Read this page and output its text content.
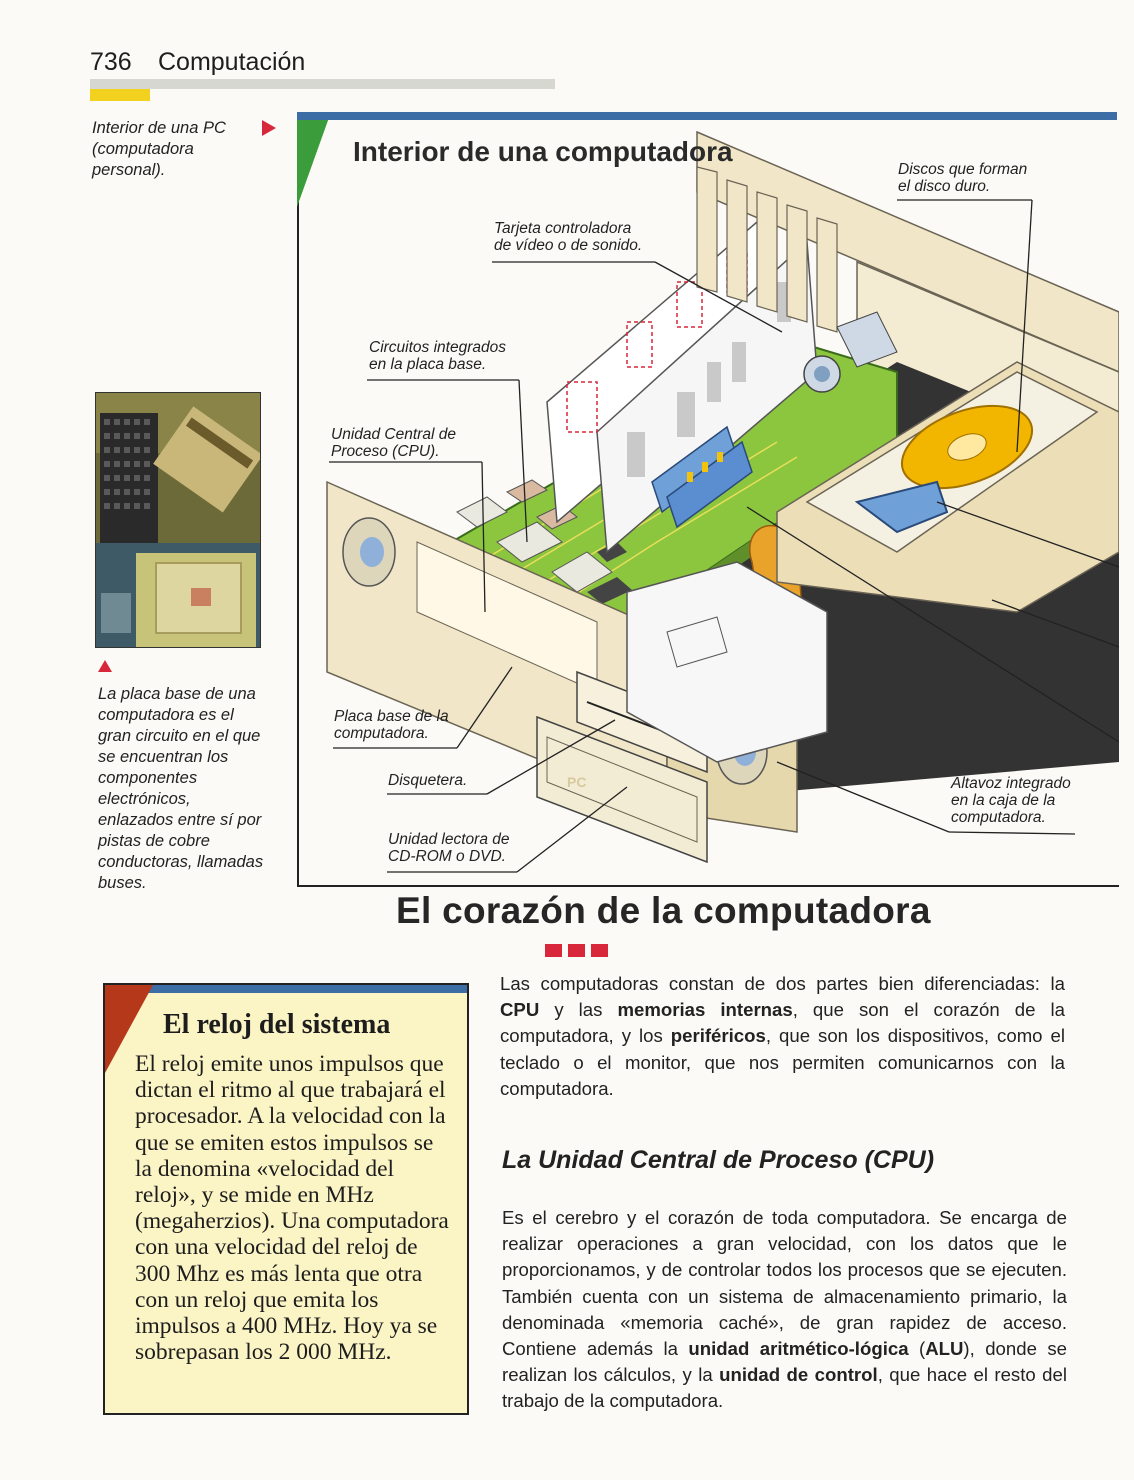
736 Computación
Interior de una PC (computadora personal).
La placa base de una computadora es el gran circuito en el que se encuentran los componentes electrónicos, enlazados entre sí por pistas de cobre conductoras, llamadas buses.
PC
Interior de una computadora
Tarjeta controladora
de vídeo o de sonido.
Discos que forman
el disco duro.
Circuitos integrados
en la placa base.
Unidad Central de
Proceso (CPU).
Placa base de la
computadora.
Disquetera.
Unidad lectora de
CD-ROM o DVD.
Altavoz integrado
en la caja de la
computadora.
El corazón de la computadora
El reloj del sistema
El reloj emite unos impulsos que dictan el ritmo al que trabajará el procesador. A la velocidad con la que se emiten estos impulsos se la denomina «velocidad del reloj», y se mide en MHz (megaherzios). Una computadora con una velocidad del reloj de 300 Mhz es más lenta que otra con un reloj que emita los impulsos a 400 MHz. Hoy ya se sobrepasan los 2 000 MHz.
Las computadoras constan de dos partes bien diferenciadas: la CPU y las memorias internas, que son el corazón de la computadora, y los periféricos, que son los dispositivos, como el teclado o el monitor, que nos permiten comunicarnos con la computadora.
La Unidad Central de Proceso (CPU)
Es el cerebro y el corazón de toda computadora. Se encarga de realizar operaciones a gran velocidad, con los datos que le proporcionamos, y de controlar todos los procesos que se ejecuten. También cuenta con un sistema de almacenamiento primario, la denominada «memoria caché», de gran rapidez de acceso. Contiene además la unidad aritmético-lógica (ALU), donde se realizan los cálculos, y la unidad de control, que hace el resto del trabajo de la computadora.
